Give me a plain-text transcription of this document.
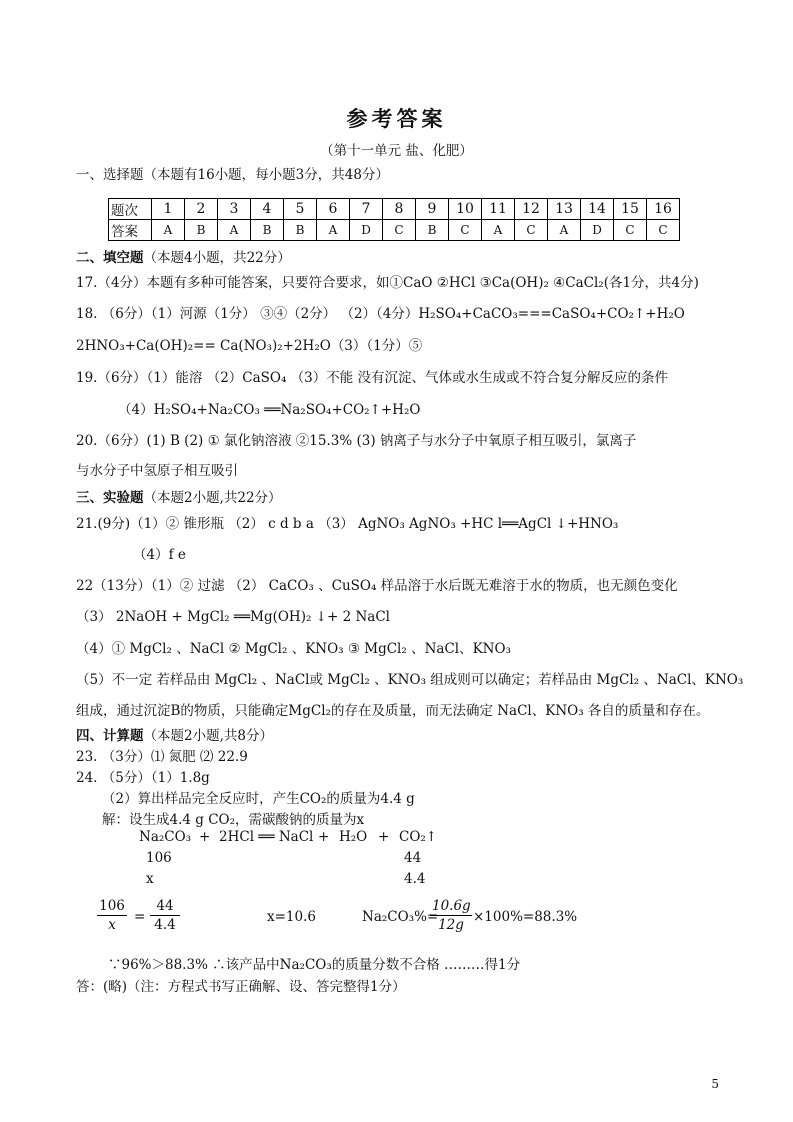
参考答案
（第十一单元 盐、化肥）
一、选择题（本题有16小题，每小题3分，共48分）
题次	1	2	3	4	5	6	7	8	9	10	11	12	13	14	15	16
答案	A	B	A	B	B	A	D	C	B	C	A	C	A	D	C	C
二、填空题（本题4小题，共22分）
17.（4分）本题有多种可能答案，只要符合要求，如①CaO ②HCl ③Ca(OH)₂ ④CaCl₂(各1分，共4分)
18. （6分）（1）河源（1分） ③④（2分） （2）（4分）H₂SO₄+CaCO₃===CaSO₄+CO₂↑+H₂O
2HNO₃+Ca(OH)₂== Ca(NO₃)₂+2H₂O（3）（1分）⑤
19.（6分）（1）能溶 （2）CaSO₄ （3）不能 没有沉淀、气体或水生成或不符合复分解反应的条件
（4）H₂SO₄+Na₂CO₃ ══Na₂SO₄+CO₂↑+H₂O
20.（6分）(1) B (2) ① 氯化钠溶液 ②15.3% (3) 钠离子与水分子中氧原子相互吸引，氯离子
与水分子中氢原子相互吸引
三、实验题（本题2小题,共22分）
21.(9分)（1）② 锥形瓶 （2） c d b a （3） AgNO₃ AgNO₃ +HC l══AgCl ↓+HNO₃
（4）f e
22（13分）（1）② 过滤 （2） CaCO₃ 、CuSO₄ 样品溶于水后既无难溶于水的物质，也无颜色变化
（3） 2NaOH + MgCl₂ ══Mg(OH)₂ ↓+ 2 NaCl
（4）① MgCl₂ 、NaCl ② MgCl₂ 、KNO₃ ③ MgCl₂ 、NaCl、KNO₃
（5）不一定 若样品由 MgCl₂ 、NaCl或 MgCl₂ 、KNO₃ 组成则可以确定；若样品由 MgCl₂ 、NaCl、KNO₃
组成，通过沉淀B的物质，只能确定MgCl₂的存在及质量，而无法确定 NaCl、KNO₃ 各自的质量和存在。
四、计算题（本题2小题,共8分）
23. （3分）⑴ 氮肥 ⑵ 22.9
24. （5分）（1）1.8g
（2）算出样品完全反应时，产生CO₂的质量为4.4 g
解：设生成4.4 g CO₂，需碳酸钠的质量为x
Na₂CO₃ + 2HCl ══ NaCl + H₂O + CO₂↑
106	44
x	4.4
$\frac{106}{x} = \frac{44}{4.4}$	x=10.6	Na₂CO₃%=
$\frac{10.6g}{12g} \times 100\%=88.3\%$
∵96%＞88.3% ∴该产品中Na₂CO₃的质量分数不合格 ………得1分
答：(略)（注：方程式书写正确解、设、答完整得1分）
5
